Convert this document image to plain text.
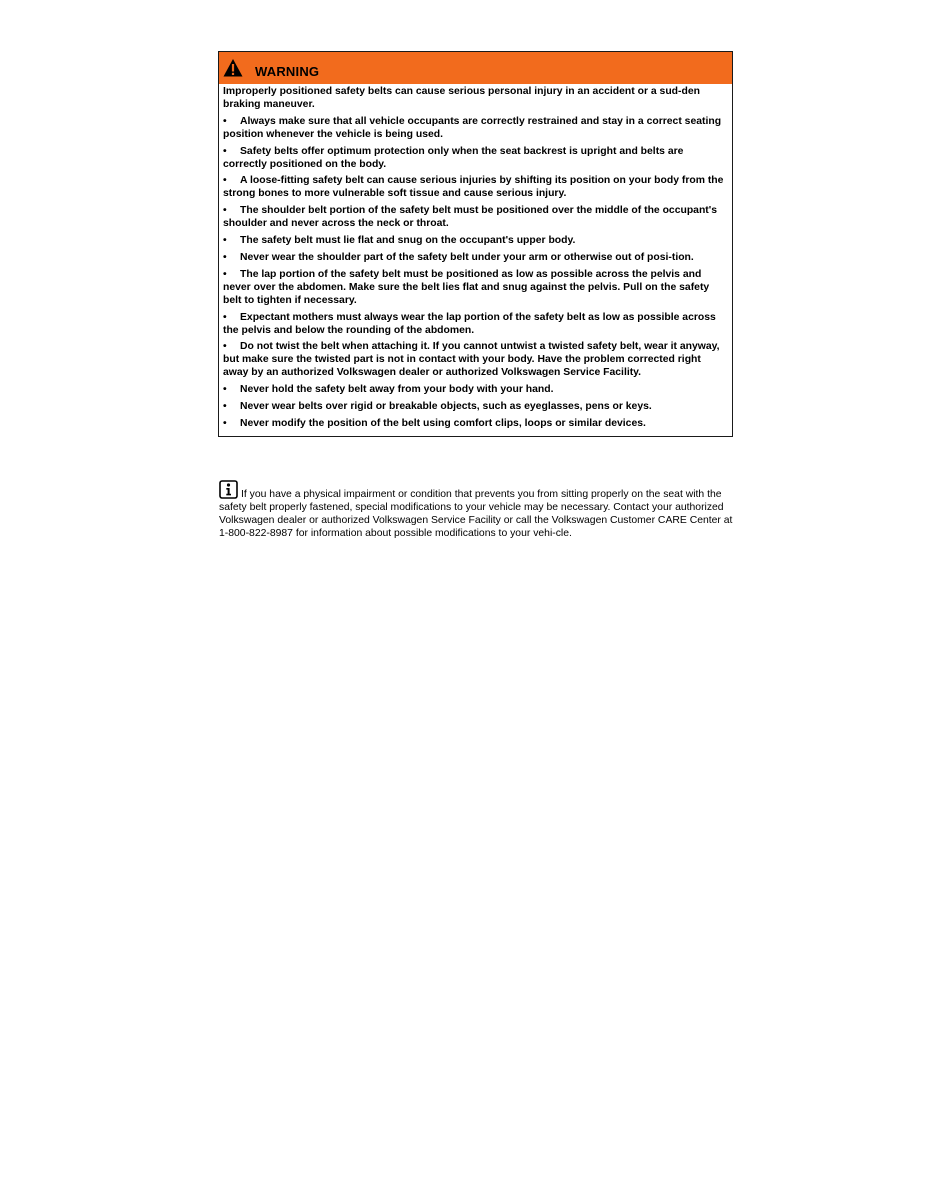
WARNING

Improperly positioned safety belts can cause serious personal injury in an accident or a sud-den braking maneuver.

• Always make sure that all vehicle occupants are correctly restrained and stay in a correct seating position whenever the vehicle is being used.
• Safety belts offer optimum protection only when the seat backrest is upright and belts are correctly positioned on the body.
• A loose-fitting safety belt can cause serious injuries by shifting its position on your body from the strong bones to more vulnerable soft tissue and cause serious injury.
• The shoulder belt portion of the safety belt must be positioned over the middle of the occupant's shoulder and never across the neck or throat.
• The safety belt must lie flat and snug on the occupant's upper body.
• Never wear the shoulder part of the safety belt under your arm or otherwise out of posi-tion.
• The lap portion of the safety belt must be positioned as low as possible across the pelvis and never over the abdomen. Make sure the belt lies flat and snug against the pelvis. Pull on the safety belt to tighten if necessary.
• Expectant mothers must always wear the lap portion of the safety belt as low as possible across the pelvis and below the rounding of the abdomen.
• Do not twist the belt when attaching it. If you cannot untwist a twisted safety belt, wear it anyway, but make sure the twisted part is not in contact with your body. Have the problem corrected right away by an authorized Volkswagen dealer or authorized Volkswagen Service Facility.
• Never hold the safety belt away from your body with your hand.
• Never wear belts over rigid or breakable objects, such as eyeglasses, pens or keys.
• Never modify the position of the belt using comfort clips, loops or similar devices.
If you have a physical impairment or condition that prevents you from sitting properly on the seat with the safety belt properly fastened, special modifications to your vehicle may be necessary. Contact your authorized Volkswagen dealer or authorized Volkswagen Service Facility or call the Volkswagen Customer CARE Center at 1-800-822-8987 for information about possible modifications to your vehi-cle.
